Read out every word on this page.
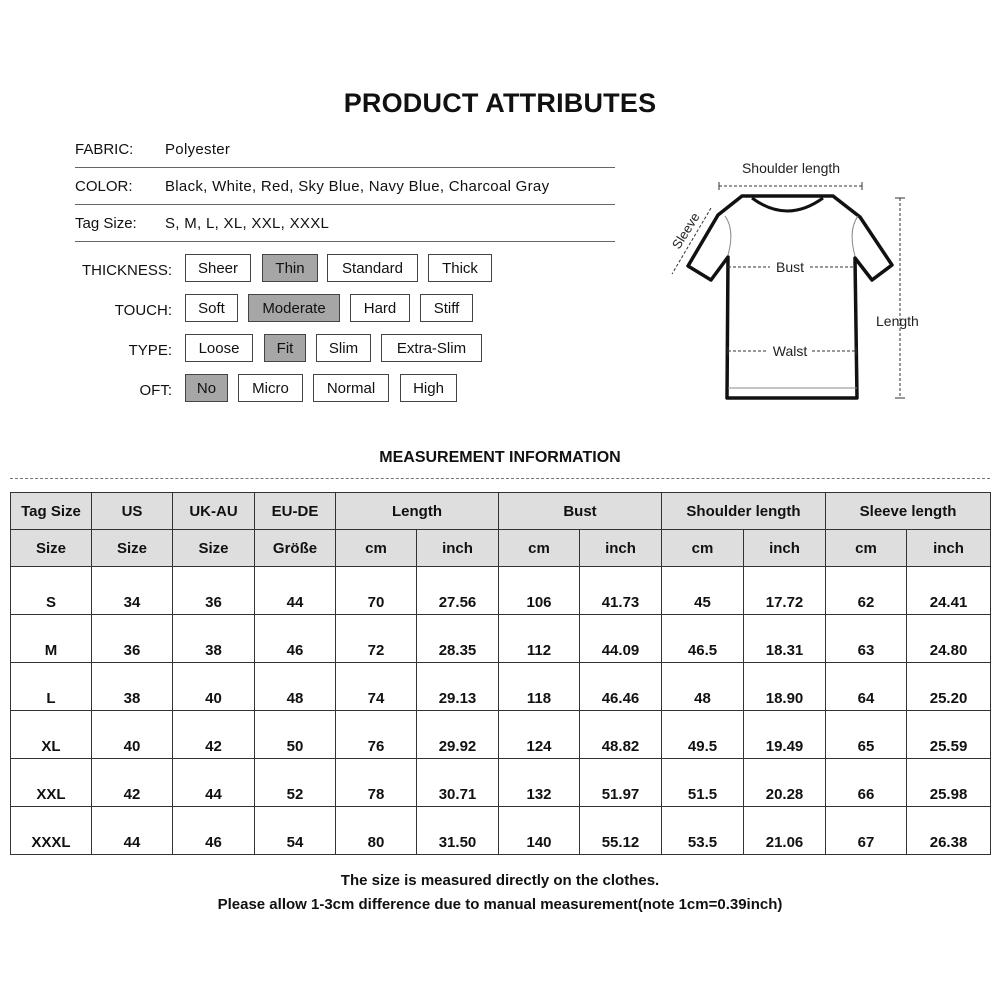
PRODUCT ATTRIBUTES
FABRIC: Polyester
COLOR: Black, White, Red, Sky Blue, Navy Blue, Charcoal Gray
Tag Size: S, M, L, XL, XXL, XXXL
THICKNESS:	Sheer	Thin	Standard	Thick
TOUCH:	Soft	Moderate	Hard	Stiff
TYPE:	Loose	Fit	Slim	Extra-Slim
OFT:	No	Micro	Normal	High
Shoulder length
Sleeve
Bust
Walst
Length
MEASUREMENT INFORMATION
Tag Size	US	UK-AU	EU-DE	Length		Bust		Shoulder length		Sleeve length	
Size	Size	Size	Größe	cm	inch	cm	inch	cm	inch	cm	inch
S	34	36	44	70	27.56	106	41.73	45	17.72	62	24.41
M	36	38	46	72	28.35	112	44.09	46.5	18.31	63	24.80
L	38	40	48	74	29.13	118	46.46	48	18.90	64	25.20
XL	40	42	50	76	29.92	124	48.82	49.5	19.49	65	25.59
XXL	42	44	52	78	30.71	132	51.97	51.5	20.28	66	25.98
XXXL	44	46	54	80	31.50	140	55.12	53.5	21.06	67	26.38
The size is measured directly on the clothes.
Please allow 1-3cm difference due to manual measurement(note 1cm=0.39inch)
